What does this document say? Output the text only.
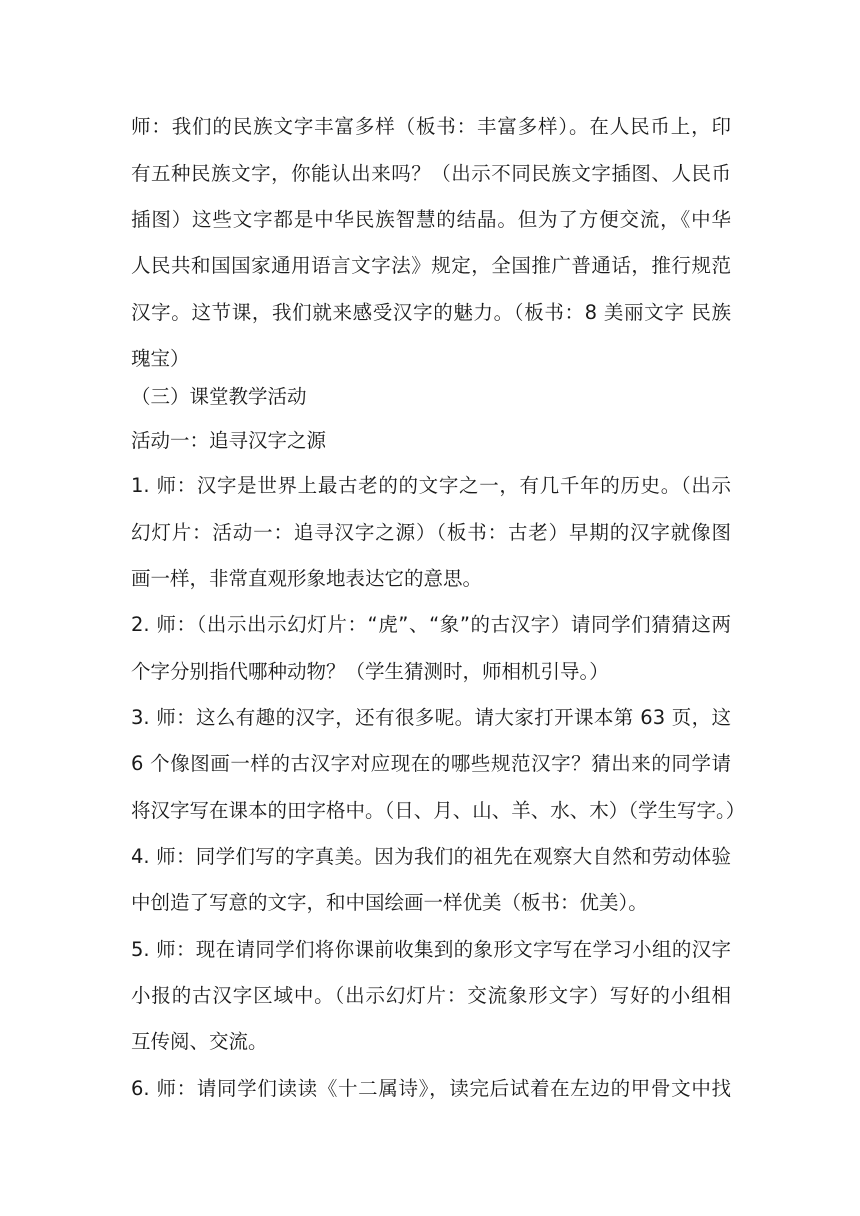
师：我们的民族文字丰富多样（板书：丰富多样）。在人民币上，印
有五种民族文字，你能认出来吗？（出示不同民族文字插图、人民币
插图）这些文字都是中华民族智慧的结晶。但为了方便交流，《中华
人民共和国国家通用语言文字法》规定，全国推广普通话，推行规范
汉字。这节课，我们就来感受汉字的魅力。（板书：8 美丽文字 民族
瑰宝）
（三）课堂教学活动
活动一：追寻汉字之源
1. 师：汉字是世界上最古老的的文字之一，有几千年的历史。（出示
幻灯片：活动一：追寻汉字之源）（板书：古老）早期的汉字就像图
画一样，非常直观形象地表达它的意思。
2. 师：（出示出示幻灯片：“虎”、“象”的古汉字）请同学们猜猜这两
个字分别指代哪种动物？（学生猜测时，师相机引导。）
3. 师：这么有趣的汉字，还有很多呢。请大家打开课本第 63 页，这
6 个像图画一样的古汉字对应现在的哪些规范汉字？猜出来的同学请
将汉字写在课本的田字格中。（日、月、山、羊、水、木）（学生写字。）
4. 师：同学们写的字真美。因为我们的祖先在观察大自然和劳动体验
中创造了写意的文字，和中国绘画一样优美（板书：优美）。
5. 师：现在请同学们将你课前收集到的象形文字写在学习小组的汉字
小报的古汉字区域中。（出示幻灯片：交流象形文字）写好的小组相
互传阅、交流。
6. 师：请同学们读读《十二属诗》，读完后试着在左边的甲骨文中找
